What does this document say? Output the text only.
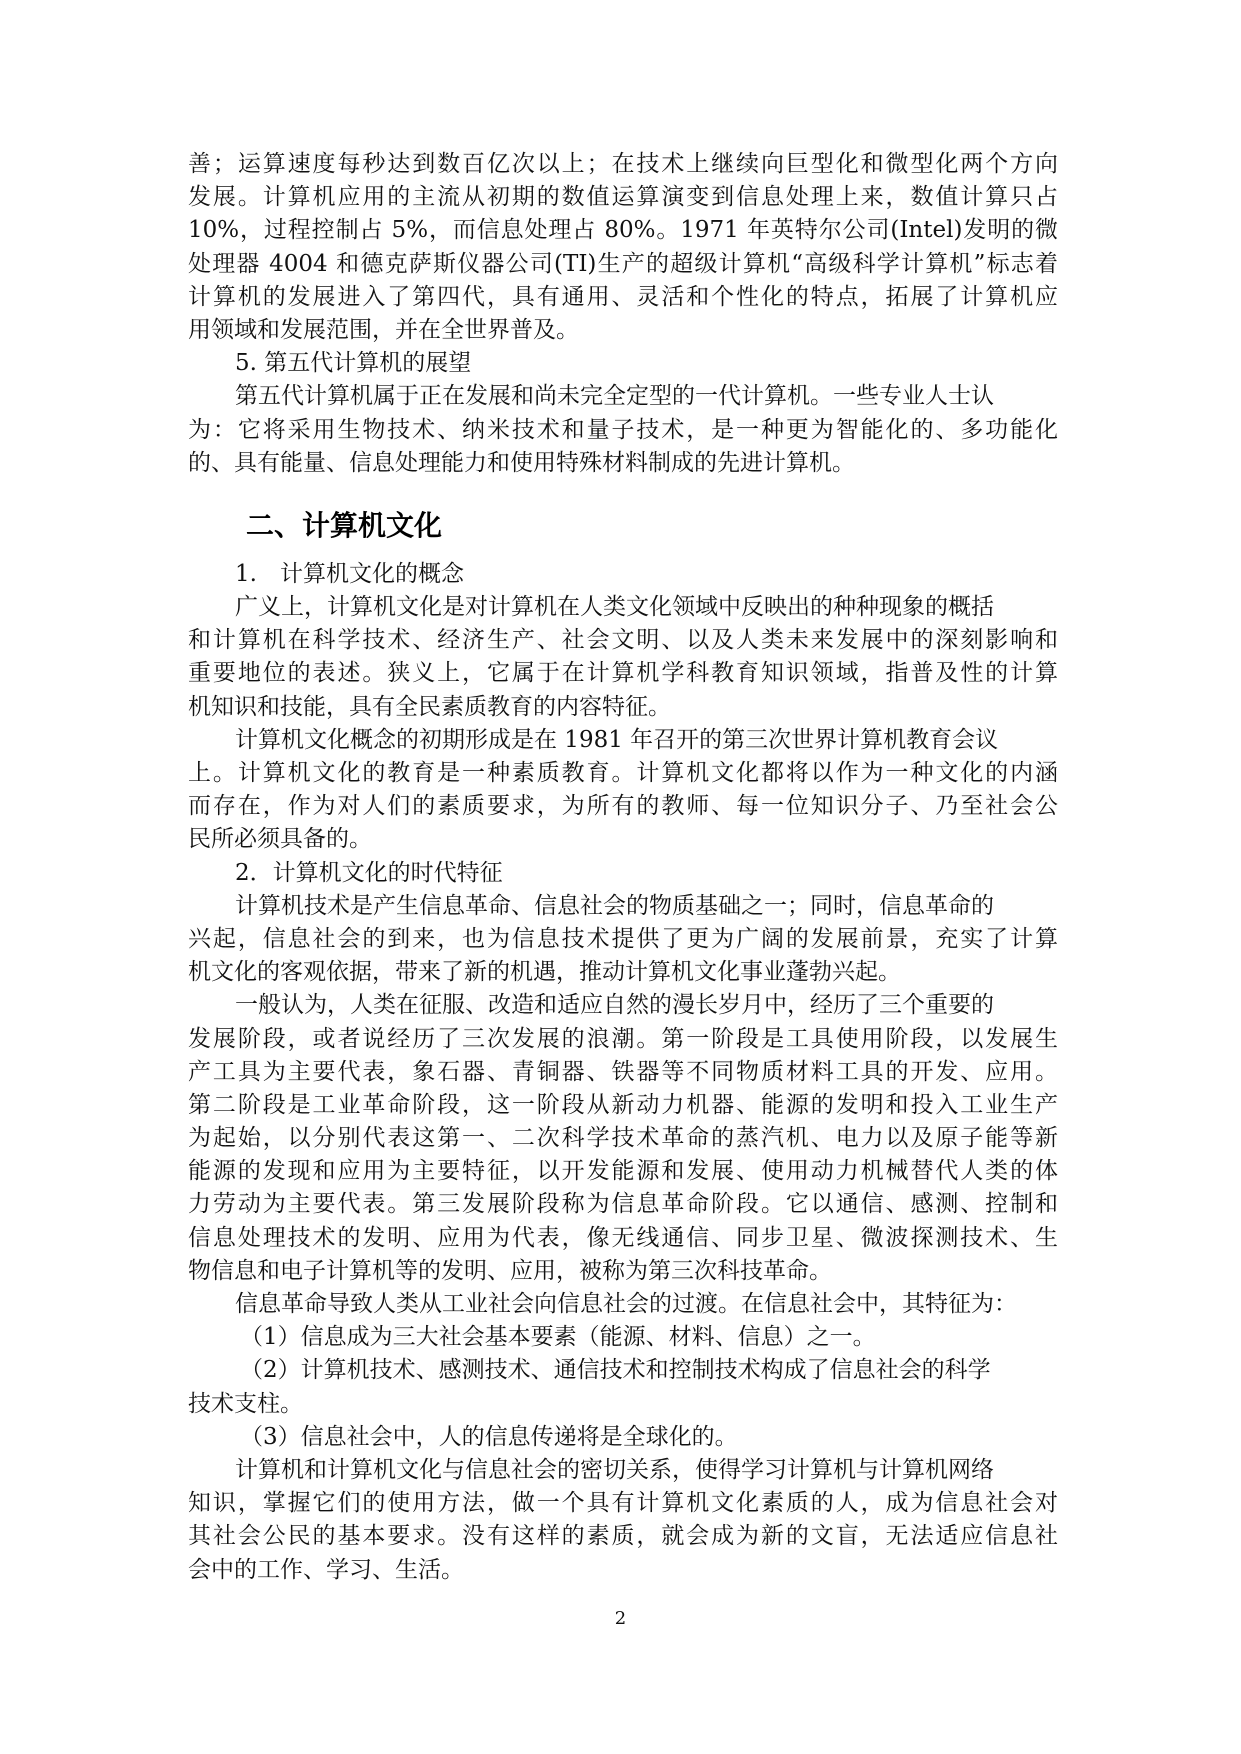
善；运算速度每秒达到数百亿次以上；在技术上继续向巨型化和微型化两个方向
发展。计算机应用的主流从初期的数值运算演变到信息处理上来，数值计算只占
10%，过程控制占 5%，而信息处理占 80%。1971 年英特尔公司(Intel)发明的微
处理器 4004 和德克萨斯仪器公司(TI)生产的超级计算机“高级科学计算机”标志着
计算机的发展进入了第四代，具有通用、灵活和个性化的特点，拓展了计算机应
用领域和发展范围，并在全世界普及。
5. 第五代计算机的展望
第五代计算机属于正在发展和尚未完全定型的一代计算机。一些专业人士认
为：它将采用生物技术、纳米技术和量子技术，是一种更为智能化的、多功能化
的、具有能量、信息处理能力和使用特殊材料制成的先进计算机。
二、计算机文化
1.　计算机文化的概念
广义上，计算机文化是对计算机在人类文化领域中反映出的种种现象的概括
和计算机在科学技术、经济生产、社会文明、以及人类未来发展中的深刻影响和
重要地位的表述。狭义上，它属于在计算机学科教育知识领域，指普及性的计算
机知识和技能，具有全民素质教育的内容特征。
计算机文化概念的初期形成是在 1981 年召开的第三次世界计算机教育会议
上。计算机文化的教育是一种素质教育。计算机文化都将以作为一种文化的内涵
而存在，作为对人们的素质要求，为所有的教师、每一位知识分子、乃至社会公
民所必须具备的。
2．计算机文化的时代特征
计算机技术是产生信息革命、信息社会的物质基础之一；同时，信息革命的
兴起，信息社会的到来，也为信息技术提供了更为广阔的发展前景，充实了计算
机文化的客观依据，带来了新的机遇，推动计算机文化事业蓬勃兴起。
一般认为，人类在征服、改造和适应自然的漫长岁月中，经历了三个重要的
发展阶段，或者说经历了三次发展的浪潮。第一阶段是工具使用阶段，以发展生
产工具为主要代表，象石器、青铜器、铁器等不同物质材料工具的开发、应用。
第二阶段是工业革命阶段，这一阶段从新动力机器、能源的发明和投入工业生产
为起始，以分别代表这第一、二次科学技术革命的蒸汽机、电力以及原子能等新
能源的发现和应用为主要特征，以开发能源和发展、使用动力机械替代人类的体
力劳动为主要代表。第三发展阶段称为信息革命阶段。它以通信、感测、控制和
信息处理技术的发明、应用为代表，像无线通信、同步卫星、微波探测技术、生
物信息和电子计算机等的发明、应用，被称为第三次科技革命。
信息革命导致人类从工业社会向信息社会的过渡。在信息社会中，其特征为：
（1）信息成为三大社会基本要素（能源、材料、信息）之一。
（2）计算机技术、感测技术、通信技术和控制技术构成了信息社会的科学
技术支柱。
（3）信息社会中，人的信息传递将是全球化的。
计算机和计算机文化与信息社会的密切关系，使得学习计算机与计算机网络
知识，掌握它们的使用方法，做一个具有计算机文化素质的人，成为信息社会对
其社会公民的基本要求。没有这样的素质，就会成为新的文盲，无法适应信息社
会中的工作、学习、生活。
2
